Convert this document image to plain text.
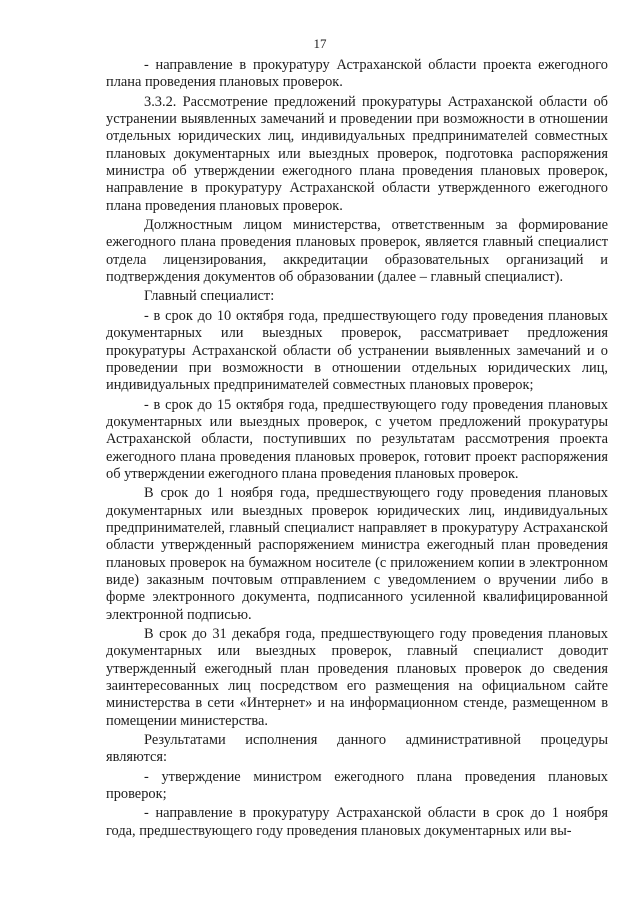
17

- направление в прокуратуру Астраханской области проекта ежегодного плана проведения плановых проверок.

3.3.2. Рассмотрение предложений прокуратуры Астраханской области об устранении выявленных замечаний и проведении при возможности в отношении отдельных юридических лиц, индивидуальных предпринимателей совместных плановых документарных или выездных проверок, подготовка распоряжения министра об утверждении ежегодного плана проведения плановых проверок, направление в прокуратуру Астраханской области утвержденного ежегодного плана проведения плановых проверок.

Должностным лицом министерства, ответственным за формирование ежегодного плана проведения плановых проверок, является главный специалист отдела лицензирования, аккредитации образовательных организаций и подтверждения документов об образовании (далее – главный специалист).

Главный специалист:

- в срок до 10 октября года, предшествующего году проведения плановых документарных или выездных проверок, рассматривает предложения прокуратуры Астраханской области об устранении выявленных замечаний и о проведении при возможности в отношении отдельных юридических лиц, индивидуальных предпринимателей совместных плановых проверок;

- в срок до 15 октября года, предшествующего году проведения плановых документарных или выездных проверок, с учетом предложений прокуратуры Астраханской области, поступивших по результатам рассмотрения проекта ежегодного плана проведения плановых проверок, готовит проект распоряжения об утверждении ежегодного плана проведения плановых проверок.

В срок до 1 ноября года, предшествующего году проведения плановых документарных или выездных проверок юридических лиц, индивидуальных предпринимателей, главный специалист направляет в прокуратуру Астраханской области утвержденный распоряжением министра ежегодный план проведения плановых проверок на бумажном носителе (с приложением копии в электронном виде) заказным почтовым отправлением с уведомлением о вручении либо в форме электронного документа, подписанного усиленной квалифицированной электронной подписью.

В срок до 31 декабря года, предшествующего году проведения плановых документарных или выездных проверок, главный специалист доводит утвержденный ежегодный план проведения плановых проверок до сведения заинтересованных лиц посредством его размещения на официальном сайте министерства в сети «Интернет» и на информационном стенде, размещенном в помещении министерства.

Результатами исполнения данного административной процедуры являются:

- утверждение министром ежегодного плана проведения плановых проверок;

- направление в прокуратуру Астраханской области в срок до 1 ноября года, предшествующего году проведения плановых документарных или вы-
